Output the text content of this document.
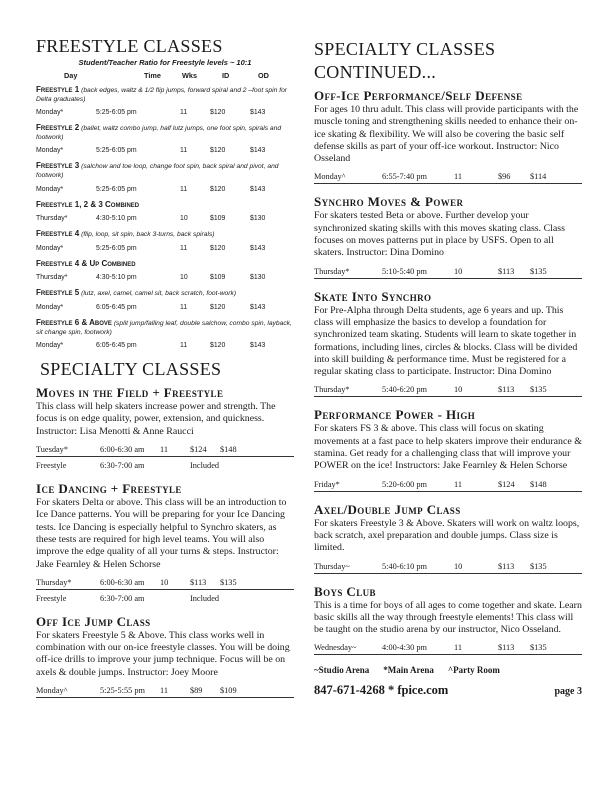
FREESTYLE CLASSES
Student/Teacher Ratio for Freestyle levels ~ 10:1
Day	Time	Wks	ID	OD
Freestyle 1 (back edges, waltz & 1/2 flip jumps, forward spiral and 2 –foot spin for Delta graduates)
Monday*	5:25-6:05 pm	11	$120	$143
Freestyle 2 (ballet, waltz combo jump, half lutz jumps, one foot spin, spirals and footwork)
Monday*	5:25-6:05 pm	11	$120	$143
Freestyle 3 (salchow and toe loop, change foot spin, back spiral and pivot, and footwork)
Monday*	5:25-6:05 pm	11	$120	$143
Freestyle 1, 2 & 3 Combined
Thursday*	4:30-5:10 pm	10	$109	$130
Freestyle 4 (flip, loop, sit spin, back 3-turns, back spirals)
Monday*	5:25-6:05 pm	11	$120	$143
Freestyle 4 & Up Combined
Thursday*	4:30-5:10 pm	10	$109	$130
Freestyle 5 (lutz, axel, camel, camel sit, back scratch, foot-work)
Monday*	6:05-6:45 pm	11	$120	$143
Freestyle 6 & Above (split jump/falling leaf, double salchow, combo spin, layback, sit change spin, footwork)
Monday*	6:05-6:45 pm	11	$120	$143
SPECIALTY CLASSES
Moves in the Field + Freestyle
This class will help skaters increase power and strength. The focus is on edge quality, power, extension, and quickness. Instructor: Lisa Menotti & Anne Raucci
Tuesday*	6:00-6:30 am	11	$124	$148
Freestyle	6:30-7:00 am	Included
Ice Dancing + Freestyle
For skaters Delta or above. This class will be an introduction to Ice Dance patterns. You will be preparing for your Ice Dancing tests. Ice Dancing is especially helpful to Synchro skaters, as these tests are required for high level teams. You will also improve the edge quality of all your turns & steps. Instructor: Jake Fearnley & Helen Schorse
Thursday*	6:00-6:30 am	10	$113	$135
Freestyle	6:30-7:00 am	Included
Off Ice Jump Class
For skaters Freestyle 5 & Above. This class works well in combination with our on-ice freestyle classes. You will be doing off-ice drills to improve your jump technique. Focus will be on axels & double jumps. Instructor: Joey Moore
Monday^	5:25-5:55 pm	11	$89	$109
SPECIALTY CLASSES
CONTINUED...
Off-Ice Performance/Self Defense
For ages 10 thru adult. This class will provide participants with the muscle toning and strengthening skills needed to enhance their on-ice skating & flexibility. We will also be covering the basic self defense skills as part of your off-ice workout. Instructor: Nico Osseland
Monday^	6:55-7:40 pm	11	$96	$114
Synchro Moves & Power
For skaters tested Beta or above. Further develop your synchronized skating skills with this moves skating class. Class focuses on moves patterns put in place by USFS. Open to all skaters. Instructor: Dina Domino
Thursday*	5:10-5:40 pm	10	$113	$135
Skate Into Synchro
For Pre-Alpha through Delta students, age 6 years and up. This class will emphasize the basics to develop a foundation for synchronized team skating. Students will learn to skate together in formations, including lines, circles & blocks. Class will be divided into skill building & performance time. Must be registered for a regular skating class to participate. Instructor: Dina Domino
Thursday*	5:40-6:20 pm	10	$113	$135
Performance Power - High
For skaters FS 3 & above. This class will focus on skating movements at a fast pace to help skaters improve their endurance & stamina. Get ready for a challenging class that will improve your POWER on the ice! Instructors: Jake Fearnley & Helen Schorse
Friday*	5:20-6:00 pm	11	$124	$148
Axel/Double Jump Class
For skaters Freestyle 3 & Above. Skaters will work on waltz loops, back scratch, axel preparation and double jumps. Class size is limited.
Thursday~	5:40-6:10 pm	10	$113	$135
Boys Club
This is a time for boys of all ages to come together and skate. Learn basic skills all the way through freestyle elements! This class will be taught on the studio arena by our instructor, Nico Osseland.
Wednesday~	4:00-4:30 pm	11	$113	$135
~Studio Arena *Main Arena ^Party Room
847-671-4268 * fpice.com	page 3
